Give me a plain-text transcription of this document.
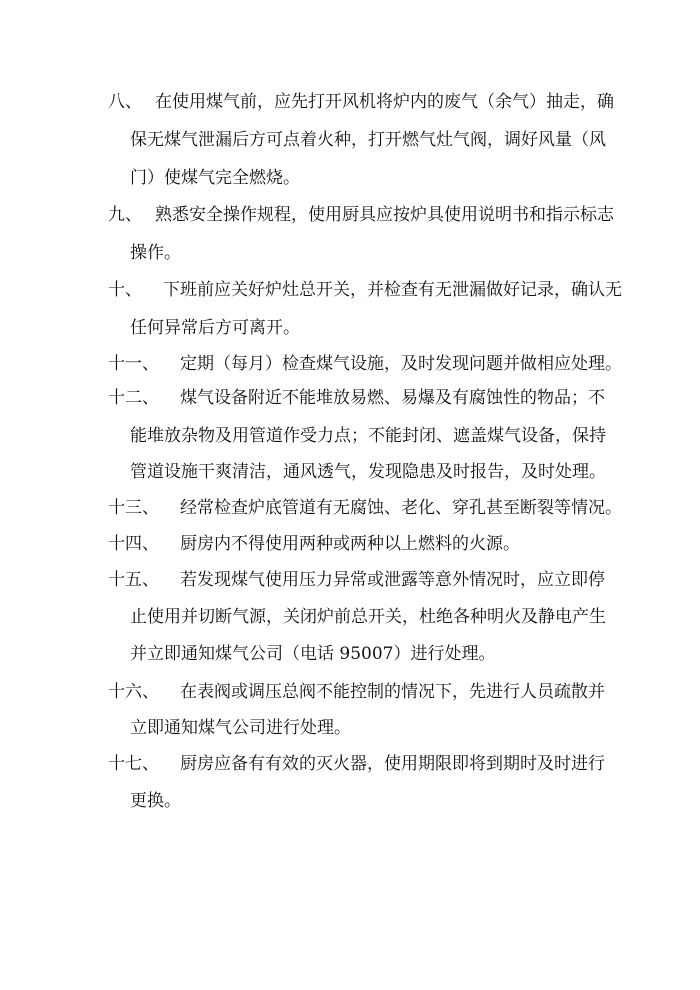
八、 在使用煤气前，应先打开风机将炉内的废气（余气）抽走，确
保无煤气泄漏后方可点着火种，打开燃气灶气阀，调好风量（风
门）使煤气完全燃烧。
九、 熟悉安全操作规程，使用厨具应按炉具使用说明书和指示标志
操作。
十、 下班前应关好炉灶总开关，并检查有无泄漏做好记录，确认无
任何异常后方可离开。
十一、 定期（每月）检查煤气设施，及时发现问题并做相应处理。
十二、 煤气设备附近不能堆放易燃、易爆及有腐蚀性的物品；不
能堆放杂物及用管道作受力点；不能封闭、遮盖煤气设备，保持
管道设施干爽清洁，通风透气，发现隐患及时报告，及时处理。
十三、 经常检查炉底管道有无腐蚀、老化、穿孔甚至断裂等情况。
十四、 厨房内不得使用两种或两种以上燃料的火源。
十五、 若发现煤气使用压力异常或泄露等意外情况时，应立即停
止使用并切断气源，关闭炉前总开关，杜绝各种明火及静电产生
并立即通知煤气公司（电话 95007）进行处理。
十六、 在表阀或调压总阀不能控制的情况下，先进行人员疏散并
立即通知煤气公司进行处理。
十七、 厨房应备有有效的灭火器，使用期限即将到期时及时进行
更换。
